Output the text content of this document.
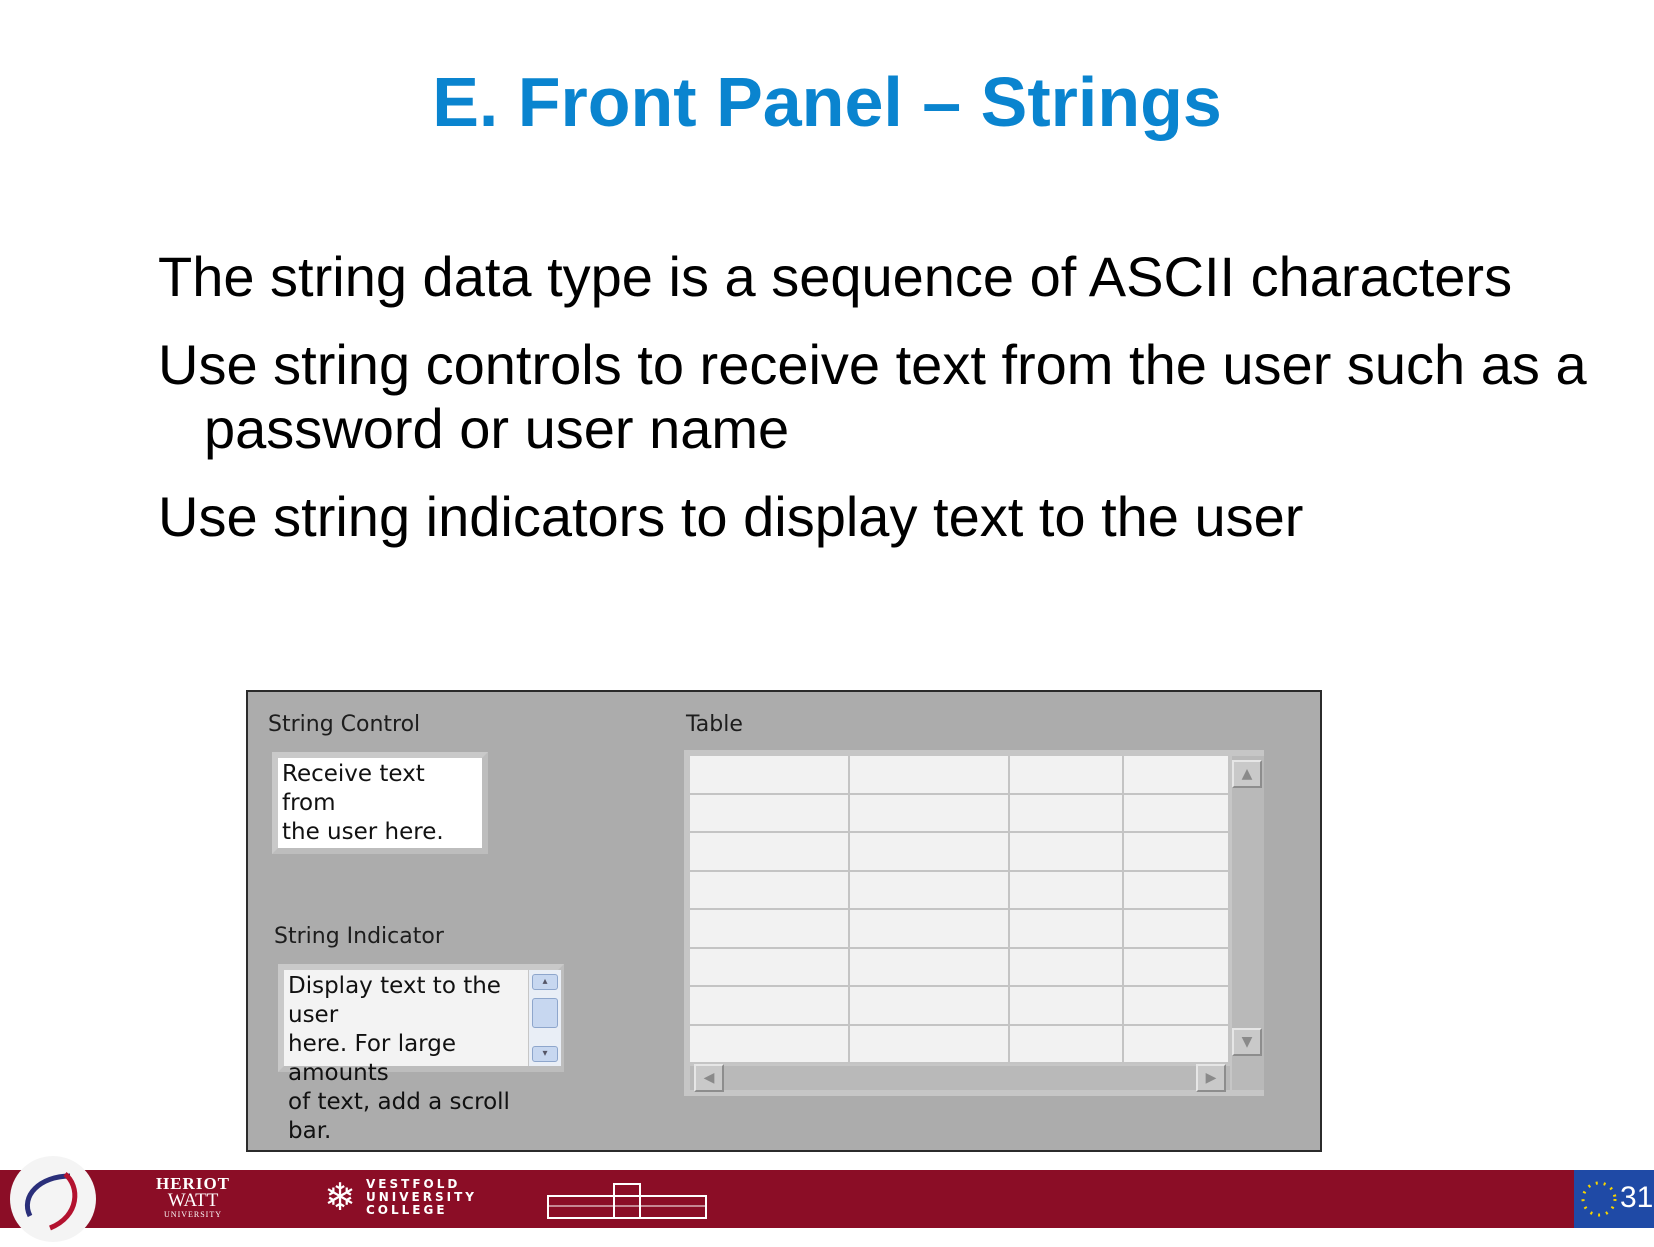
E. Front Panel – Strings
The string data type is a sequence of ASCII characters
Use string controls to receive text from the user such as a password or user name
Use string indicators to display text to the user
String Control
Receive text from
the user here.
String Indicator
Display text to the user
here. For large amounts
of text, add a scroll bar.
▴
▾
Table
▲
▼
◀	▶
HERIOT
WATT
UNIVERSITY	❄ VESTFOLD
UNIVERSITY
COLLEGE	31
